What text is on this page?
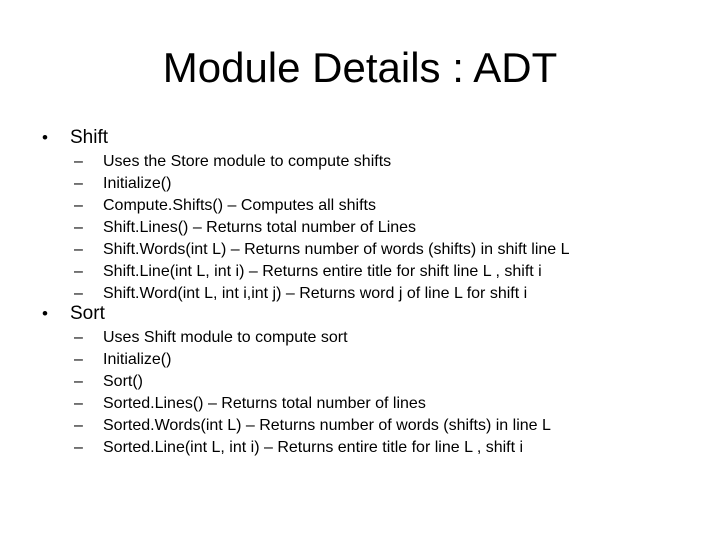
Module Details : ADT
• Shift
– Uses the Store module to compute shifts
– Initialize()
– Compute.Shifts() – Computes all shifts
– Shift.Lines() – Returns total number of Lines
– Shift.Words(int L) – Returns number of words (shifts) in shift line L
– Shift.Line(int L, int i) – Returns entire title for shift line L , shift i
– Shift.Word(int L, int i,int j) – Returns word j of line L for shift i
• Sort
– Uses Shift module to compute sort
– Initialize()
– Sort()
– Sorted.Lines() – Returns total number of lines
– Sorted.Words(int L) – Returns number of words (shifts) in line L
– Sorted.Line(int L, int i) – Returns entire title for line L , shift i
